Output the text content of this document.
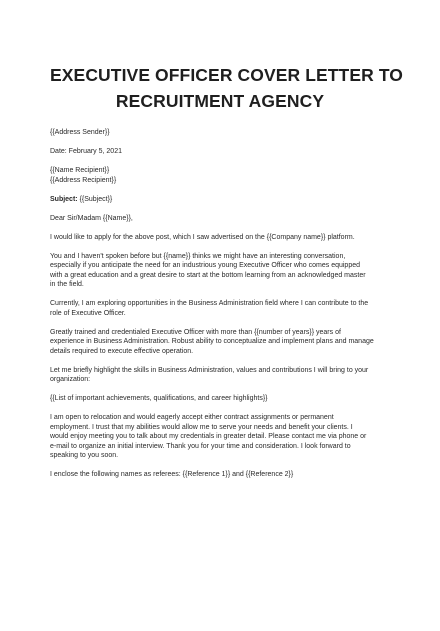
EXECUTIVE OFFICER COVER LETTER TO
RECRUITMENT AGENCY
{{Address Sender}}
Date: February 5, 2021
{{Name Recipient}}
{{Address Recipient}}
Subject: {{Subject}}
Dear Sir/Madam {{Name}},
I would like to apply for the above post, which I saw advertised on the {{Company name}} platform.
You and I haven't spoken before but {{name}} thinks we might have an interesting conversation,
especially if you anticipate the need for an industrious young Executive Officer who comes equipped
with a great education and a great desire to start at the bottom learning from an acknowledged master
in the field.
Currently, I am exploring opportunities in the Business Administration field where I can contribute to the
role of Executive Officer.
Greatly trained and credentialed Executive Officer with more than {{number of years}} years of
experience in Business Administration. Robust ability to conceptualize and implement plans and manage
details required to execute effective operation.
Let me briefly highlight the skills in Business Administration, values and contributions I will bring to your
organization:
{{List of important achievements, qualifications, and career highlights}}
I am open to relocation and would eagerly accept either contract assignments or permanent
employment. I trust that my abilities would allow me to serve your needs and benefit your clients. I
would enjoy meeting you to talk about my credentials in greater detail. Please contact me via phone or
e-mail to organize an initial interview. Thank you for your time and consideration. I look forward to
speaking to you soon.
I enclose the following names as referees: {{Reference 1}} and {{Reference 2}}
